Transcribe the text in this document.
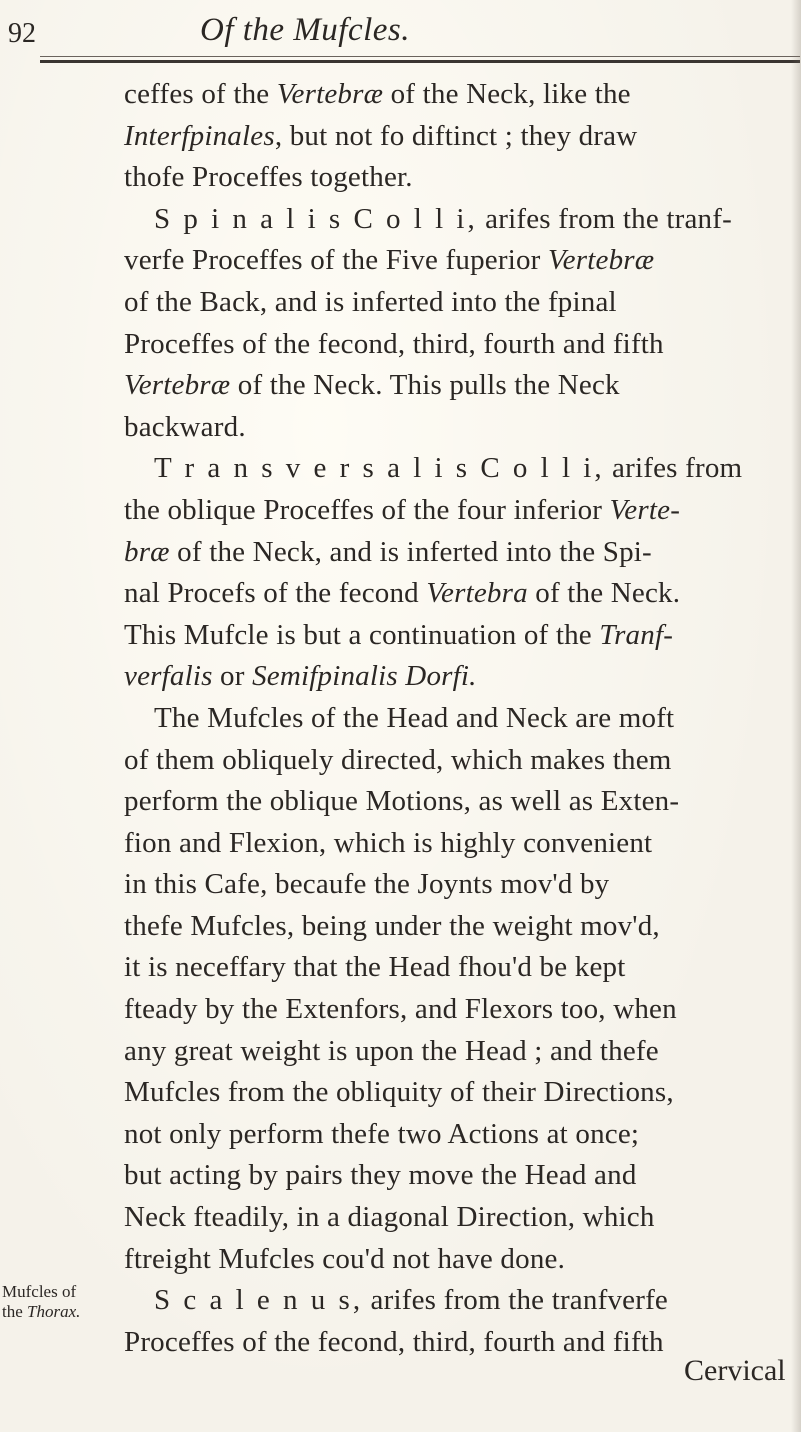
92	Of the Mufcles.
ceffes of the Vertebræ of the Neck, like the
Interfpinales, but not fo diftinct ; they draw
thofe Proceffes together.
S p i n a l i s C o l l i, arifes from the tranf-
verfe Proceffes of the Five fuperior Vertebræ
of the Back, and is inferted into the fpinal
Proceffes of the fecond, third, fourth and fifth
Vertebræ of the Neck. This pulls the Neck
backward.
T r a n s v e r s a l i s C o l l i, arifes from
the oblique Proceffes of the four inferior Verte-
bræ of the Neck, and is inferted into the Spi-
nal Procefs of the fecond Vertebra of the Neck.
This Mufcle is but a continuation of the Tranf-
verfalis or Semifpinalis Dorfi.
The Mufcles of the Head and Neck are moft
of them obliquely directed, which makes them
perform the oblique Motions, as well as Exten-
fion and Flexion, which is highly convenient
in this Cafe, becaufe the Joynts mov'd by
thefe Mufcles, being under the weight mov'd,
it is neceffary that the Head fhou'd be kept
fteady by the Extenfors, and Flexors too, when
any great weight is upon the Head ; and thefe
Mufcles from the obliquity of their Directions,
not only perform thefe two Actions at once;
but acting by pairs they move the Head and
Neck fteadily, in a diagonal Direction, which
ftreight Mufcles cou'd not have done.
S c a l e n u s, arifes from the tranfverfe
Proceffes of the fecond, third, fourth and fifth
Mufcles of
the Thorax.
Cervical
